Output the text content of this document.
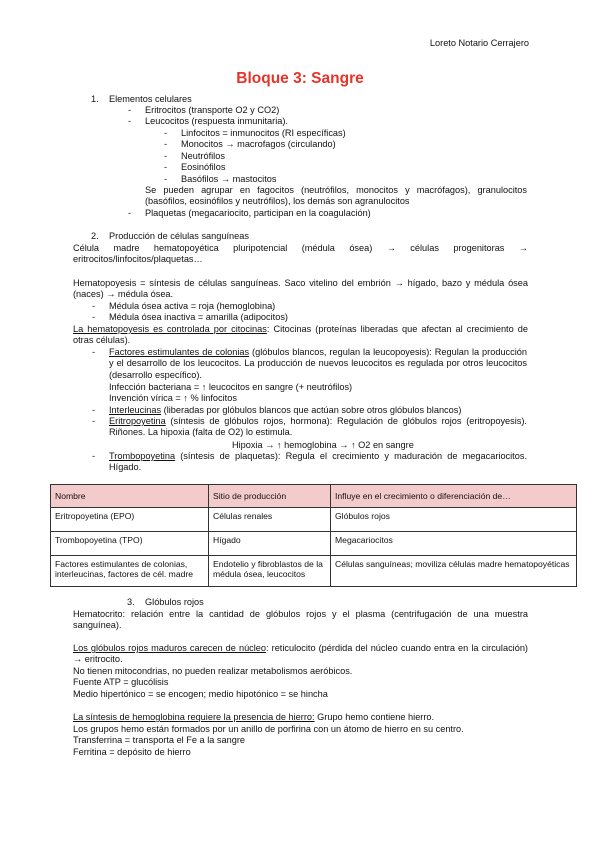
Loreto Notario Cerrajero
Bloque 3: Sangre
1. Elementos celulares
- Eritrocitos (transporte O2 y CO2)
- Leucocitos (respuesta inmunitaria).
- Linfocitos = inmunocitos (RI específicas)
- Monocitos → macrofagos (circulando)
- Neutrófilos
- Eosinófilos
- Basófilos → mastocitos
Se pueden agrupar en fagocitos (neutrófilos, monocitos y macrófagos), granulocitos (basófilos, eosinófilos y neutrófilos), los demás son agranulocitos
- Plaquetas (megacariocito, participan en la coagulación)
2. Producción de células sanguíneas
Célula madre hematopoyética pluripotencial (médula ósea) → células progenitoras → eritrocitos/linfocitos/plaquetas…
Hematopoyesis = síntesis de células sanguíneas. Saco vitelino del embrión → hígado, bazo y médula ósea (naces) → médula ósea.
- Médula ósea activa = roja (hemoglobina)
- Médula ósea inactiva = amarilla (adipocitos)
La hematopoyesis es controlada por citocinas: Citocinas (proteínas liberadas que afectan al crecimiento de otras células).
- Factores estimulantes de colonias (glóbulos blancos, regulan la leucopoyesis): Regulan la producción y el desarrollo de los leucocitos. La producción de nuevos leucocitos es regulada por otros leucocitos (desarrollo específico).
Infección bacteriana = ↑ leucocitos en sangre (+ neutrófilos)
Invención vírica = ↑ % linfocitos
- Interleucinas (liberadas por glóbulos blancos que actúan sobre otros glóbulos blancos)
- Eritropoyetina (síntesis de glóbulos rojos, hormona): Regulación de glóbulos rojos (eritropoyesis). Riñones. La hipoxia (falta de O2) lo estimula.
Hipoxia → ↑ hemoglobina → ↑ O2 en sangre
- Trombopoyetina (síntesis de plaquetas): Regula el crecimiento y maduración de megacariocitos. Hígado.
Nombre	Sitio de producción	Influye en el crecimiento o diferenciación de…
Eritropoyetina (EPO)	Células renales	Glóbulos rojos
Trombopoyetina (TPO)	Hígado	Megacariocitos
Factores estimulantes de colonias, interleucinas, factores de cél. madre	Endotelio y fibroblastos de la médula ósea, leucocitos	Células sanguíneas; moviliza células madre hematopoyéticas
3. Glóbulos rojos
Hematocrito: relación entre la cantidad de glóbulos rojos y el plasma (centrifugación de una muestra sanguínea).
Los glóbulos rojos maduros carecen de núcleo: reticulocito (pérdida del núcleo cuando entra en la circulación) → eritrocito.
No tienen mitocondrias, no pueden realizar metabolismos aeróbicos.
Fuente ATP = glucólisis
Medio hipertónico = se encogen; medio hipotónico = se hincha
La síntesis de hemoglobina requiere la presencia de hierro: Grupo hemo contiene hierro.
Los grupos hemo están formados por un anillo de porfirina con un átomo de hierro en su centro.
Transferrina = transporta el Fe a la sangre
Ferritina = depósito de hierro
